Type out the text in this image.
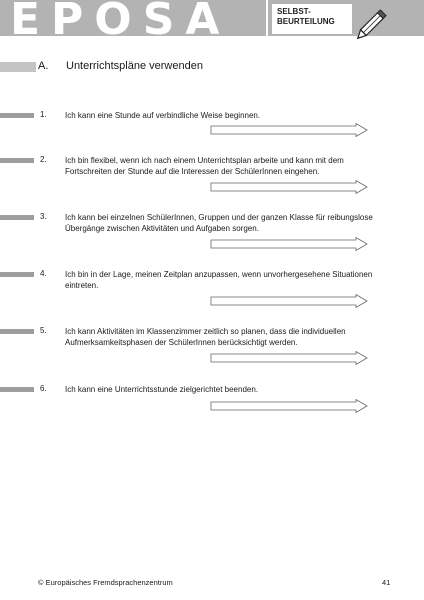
EPOSA	SELBST-
BEURTEILUNG
A. Unterrichtspläne verwenden
1. Ich kann eine Stunde auf verbindliche Weise beginnen.
2. Ich bin flexibel, wenn ich nach einem Unterrichtsplan arbeite und kann mit dem Fortschreiten der Stunde auf die Interessen der SchülerInnen eingehen.
3. Ich kann bei einzelnen SchülerInnen, Gruppen und der ganzen Klasse für reibungslose Übergänge zwischen Aktivitäten und Aufgaben sorgen.
4. Ich bin in der Lage, meinen Zeitplan anzupassen, wenn unvorhergesehene Situationen eintreten.
5. Ich kann Aktivitäten im Klassenzimmer zeitlich so planen, dass die individuellen Aufmerksamkeitsphasen der SchülerInnen berücksichtigt werden.
6. Ich kann eine Unterrichtsstunde zielgerichtet beenden.
© Europäisches Fremdsprachenzentrum	41
